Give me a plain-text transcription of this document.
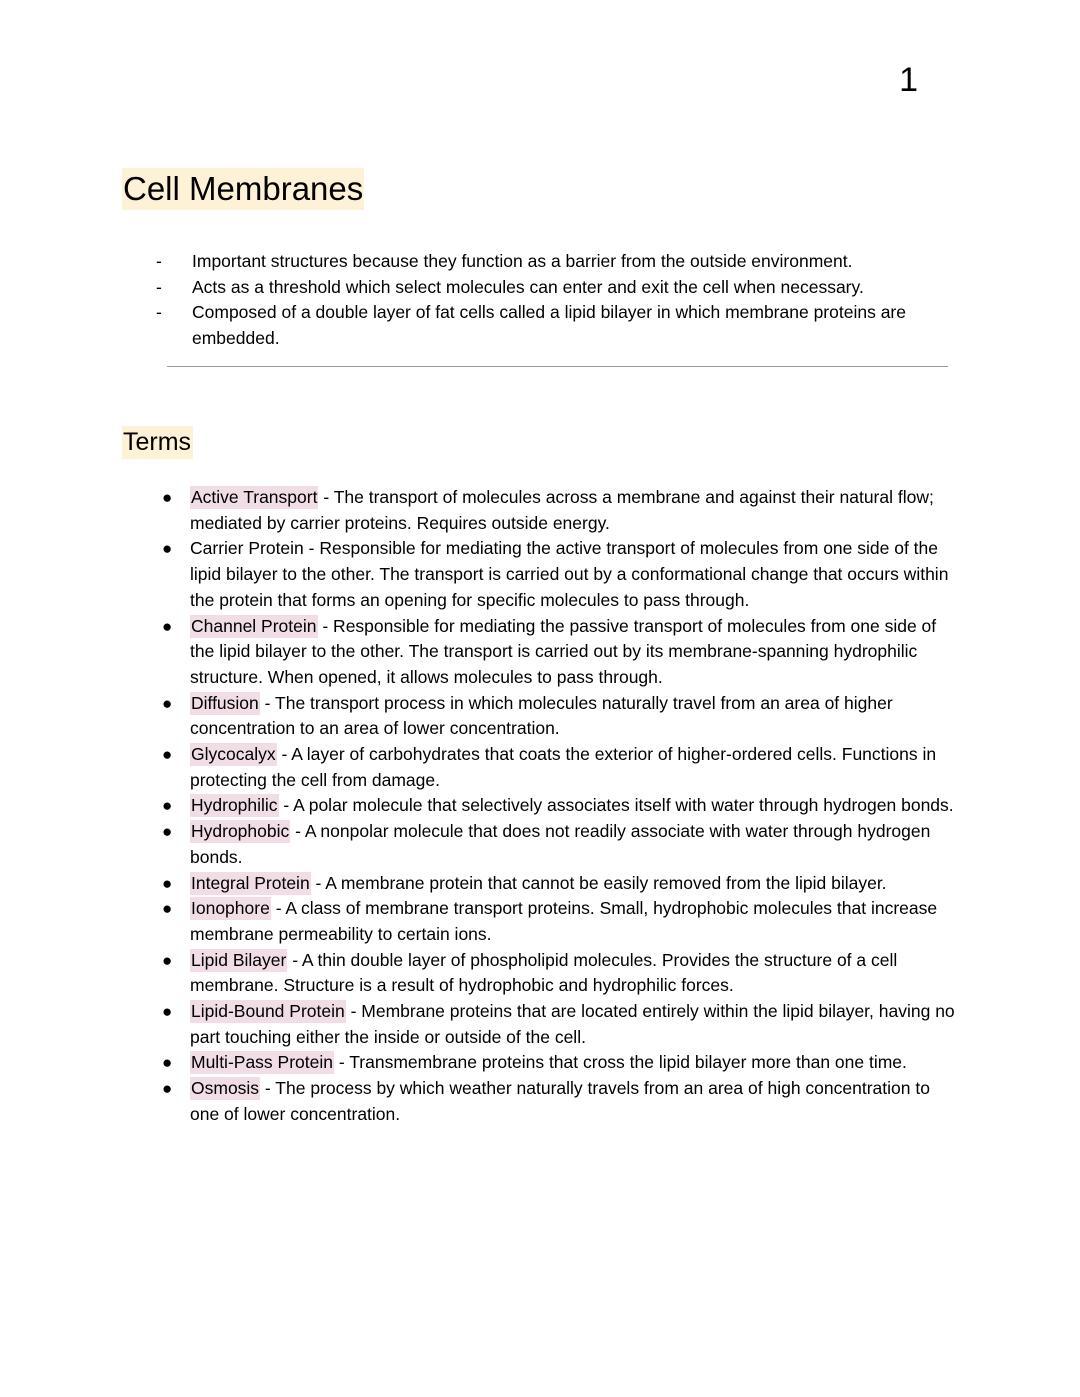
1
Cell Membranes
-	Important structures because they function as a barrier from the outside environment.
-	Acts as a threshold which select molecules can enter and exit the cell when necessary.
-	Composed of a double layer of fat cells called a lipid bilayer in which membrane proteins are embedded.
Terms
● Active Transport - The transport of molecules across a membrane and against their natural flow; mediated by carrier proteins. Requires outside energy.
● Carrier Protein - Responsible for mediating the active transport of molecules from one side of the lipid bilayer to the other. The transport is carried out by a conformational change that occurs within the protein that forms an opening for specific molecules to pass through.
● Channel Protein - Responsible for mediating the passive transport of molecules from one side of the lipid bilayer to the other. The transport is carried out by its membrane-spanning hydrophilic structure. When opened, it allows molecules to pass through.
● Diffusion - The transport process in which molecules naturally travel from an area of higher concentration to an area of lower concentration.
● Glycocalyx - A layer of carbohydrates that coats the exterior of higher-ordered cells. Functions in protecting the cell from damage.
● Hydrophilic - A polar molecule that selectively associates itself with water through hydrogen bonds.
● Hydrophobic - A nonpolar molecule that does not readily associate with water through hydrogen bonds.
● Integral Protein - A membrane protein that cannot be easily removed from the lipid bilayer.
● Ionophore - A class of membrane transport proteins. Small, hydrophobic molecules that increase membrane permeability to certain ions.
● Lipid Bilayer - A thin double layer of phospholipid molecules. Provides the structure of a cell membrane. Structure is a result of hydrophobic and hydrophilic forces.
● Lipid-Bound Protein - Membrane proteins that are located entirely within the lipid bilayer, having no part touching either the inside or outside of the cell.
● Multi-Pass Protein - Transmembrane proteins that cross the lipid bilayer more than one time.
● Osmosis - The process by which weather naturally travels from an area of high concentration to one of lower concentration.
